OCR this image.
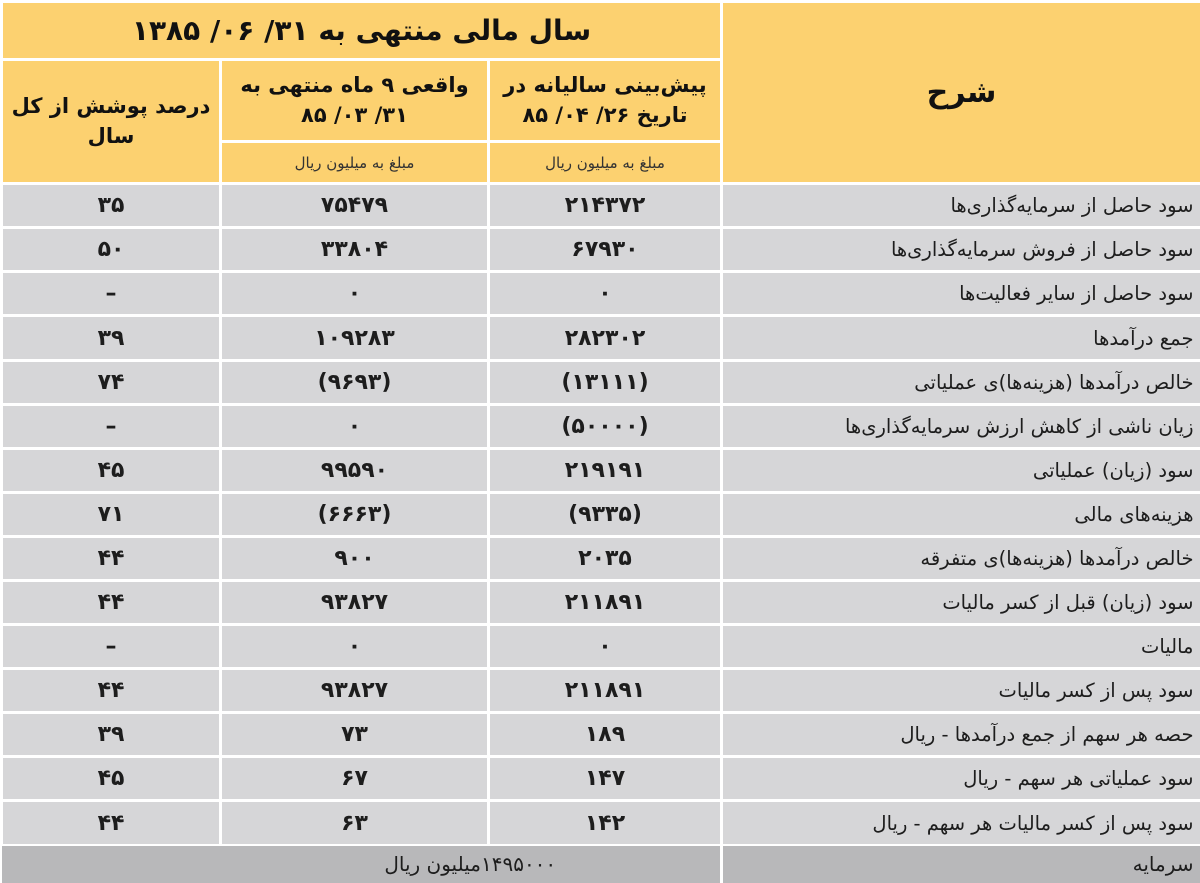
سال مالی منتهی به ۳۱/ ۰۶/ ۱۳۸۵			شرح
درصد پوشش از کل سال	واقعی ۹ ماه منتهی به ۳۱/ ۰۳/ ۸۵	پیش‌بینی سالیانه در تاریخ ۲۶/ ۰۴/ ۸۵	
	مبلغ به میلیون ریال	مبلغ به میلیون ریال	
۳۵	۷۵۴۷۹	۲۱۴۳۷۲	سود حاصل از سرمایه‌گذاری‌ها
۵۰	۳۳۸۰۴	۶۷۹۳۰	سود حاصل از فروش سرمایه‌گذاری‌ها
–	۰	۰	سود حاصل از سایر فعالیت‌ها
۳۹	۱۰۹۲۸۳	۲۸۲۳۰۲	جمع درآمدها
۷۴	(۹۶۹۳)	(۱۳۱۱۱)	خالص درآمدها (هزینه‌ها)ی عملیاتی
–	۰	(۵۰۰۰۰)	زیان ناشی از کاهش ارزش سرمایه‌گذاری‌ها
۴۵	۹۹۵۹۰	۲۱۹۱۹۱	سود (زیان) عملیاتی
۷۱	(۶۶۶۳)	(۹۳۳۵)	هزینه‌های مالی
۴۴	۹۰۰	۲۰۳۵	خالص درآمدها (هزینه‌ها)ی متفرقه
۴۴	۹۳۸۲۷	۲۱۱۸۹۱	سود (زیان) قبل از کسر مالیات
–	۰	۰	مالیات
۴۴	۹۳۸۲۷	۲۱۱۸۹۱	سود پس از کسر مالیات
۳۹	۷۳	۱۸۹	حصه هر سهم از جمع درآمدها - ریال
۴۵	۶۷	۱۴۷	سود عملیاتی هر سهم - ریال
۴۴	۶۳	۱۴۲	سود پس از کسر مالیات هر سهم - ریال
	۱۴۹۵۰۰۰میلیون ریال		سرمایه
